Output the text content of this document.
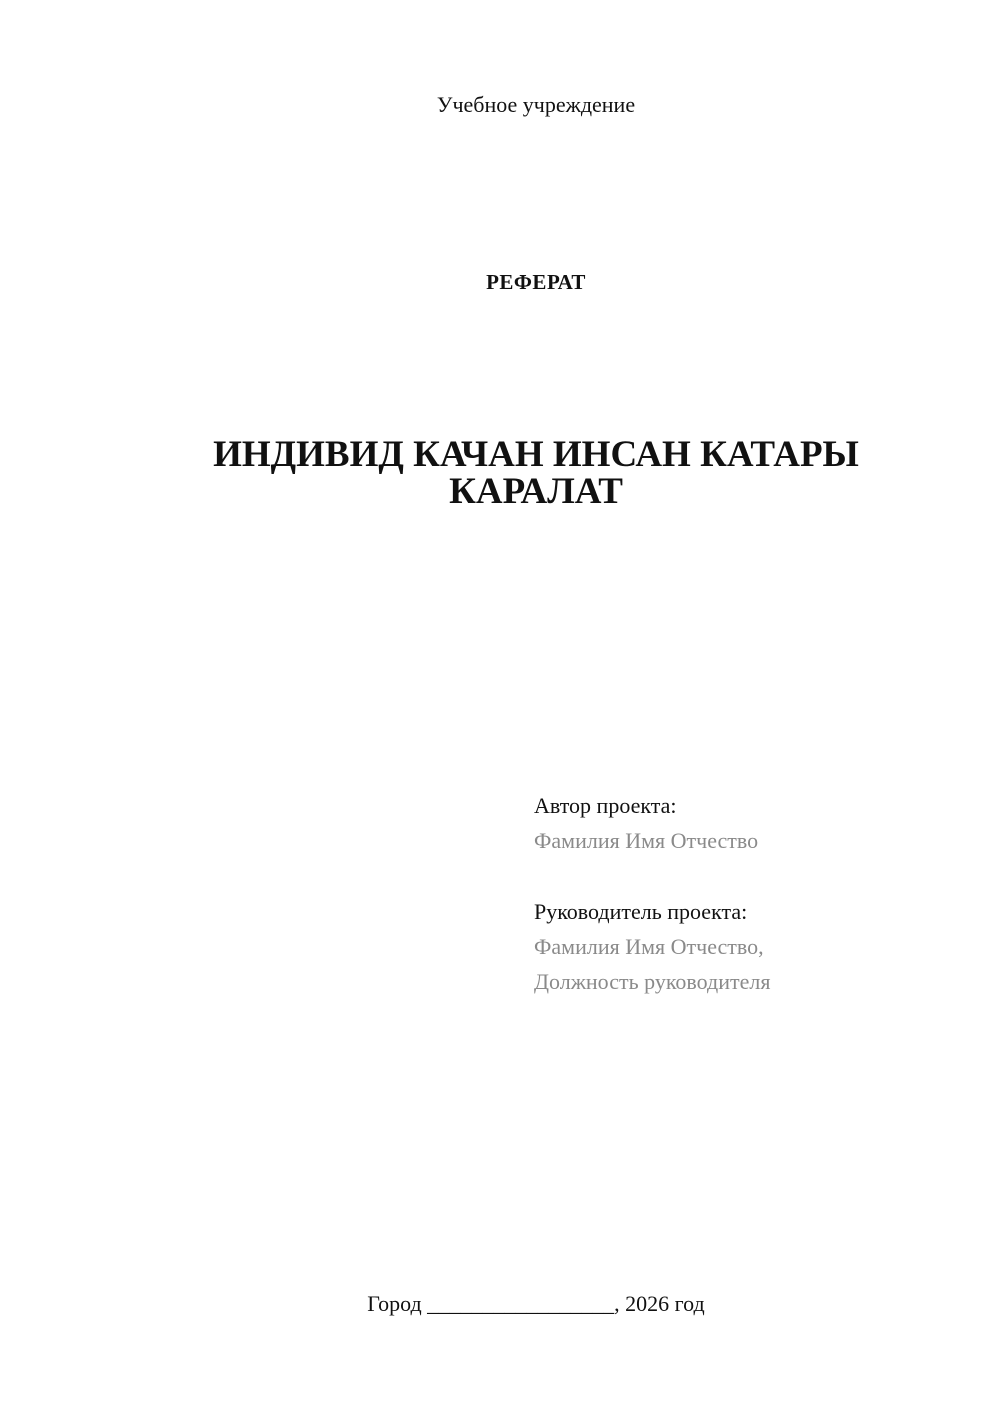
Учебное учреждение
РЕФЕРАТ
ИНДИВИД КАЧАН ИНСАН КАТАРЫ
КАРАЛАТ
Автор проекта:
Фамилия Имя Отчество
Руководитель проекта:
Фамилия Имя Отчество,
Должность руководителя
Город _________________, 2026 год
